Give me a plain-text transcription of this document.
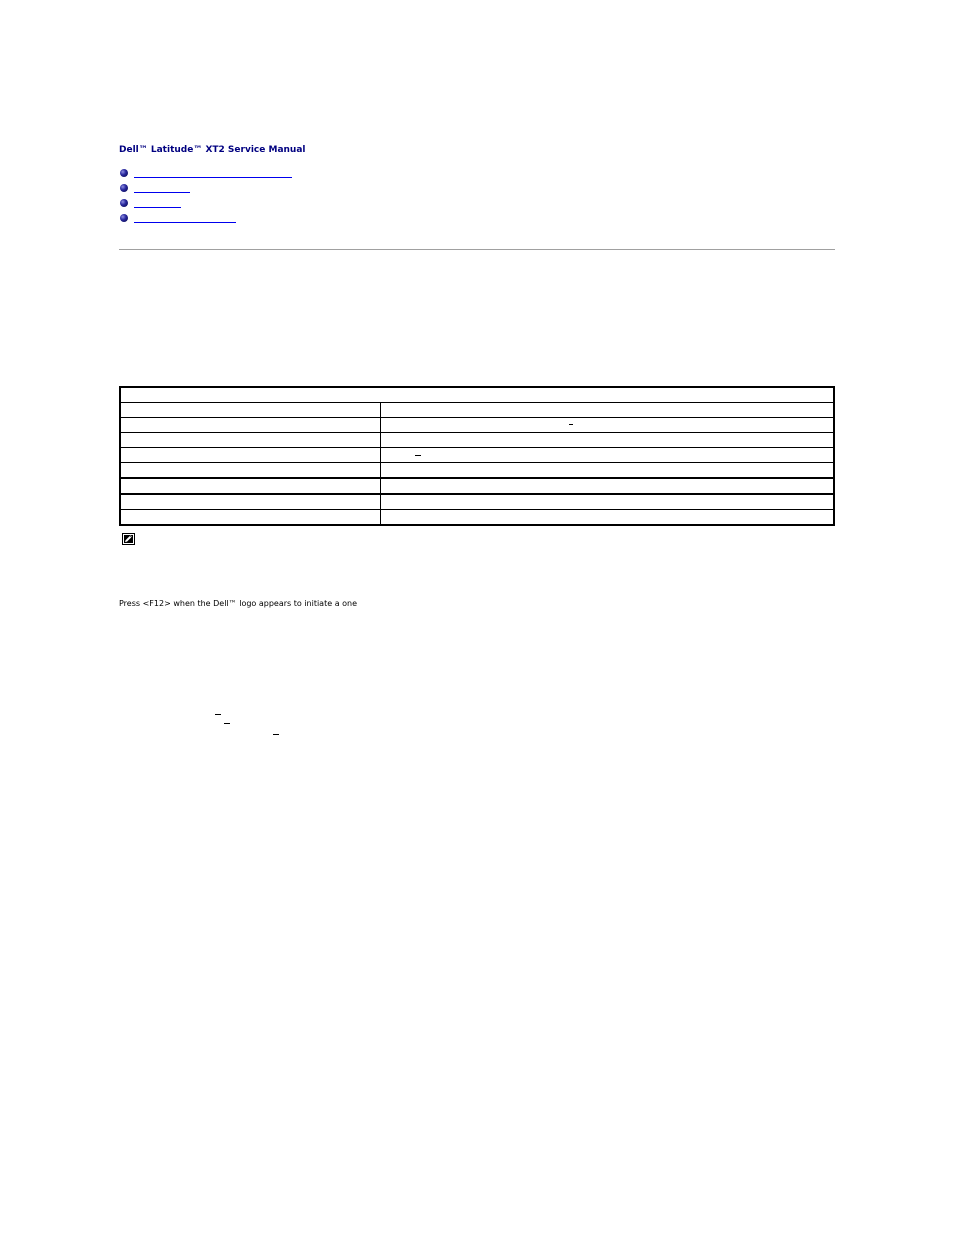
Dell™ Latitude™ XT2 Service Manual

Press <F12> when the Dell™ logo appears to initiate a one
